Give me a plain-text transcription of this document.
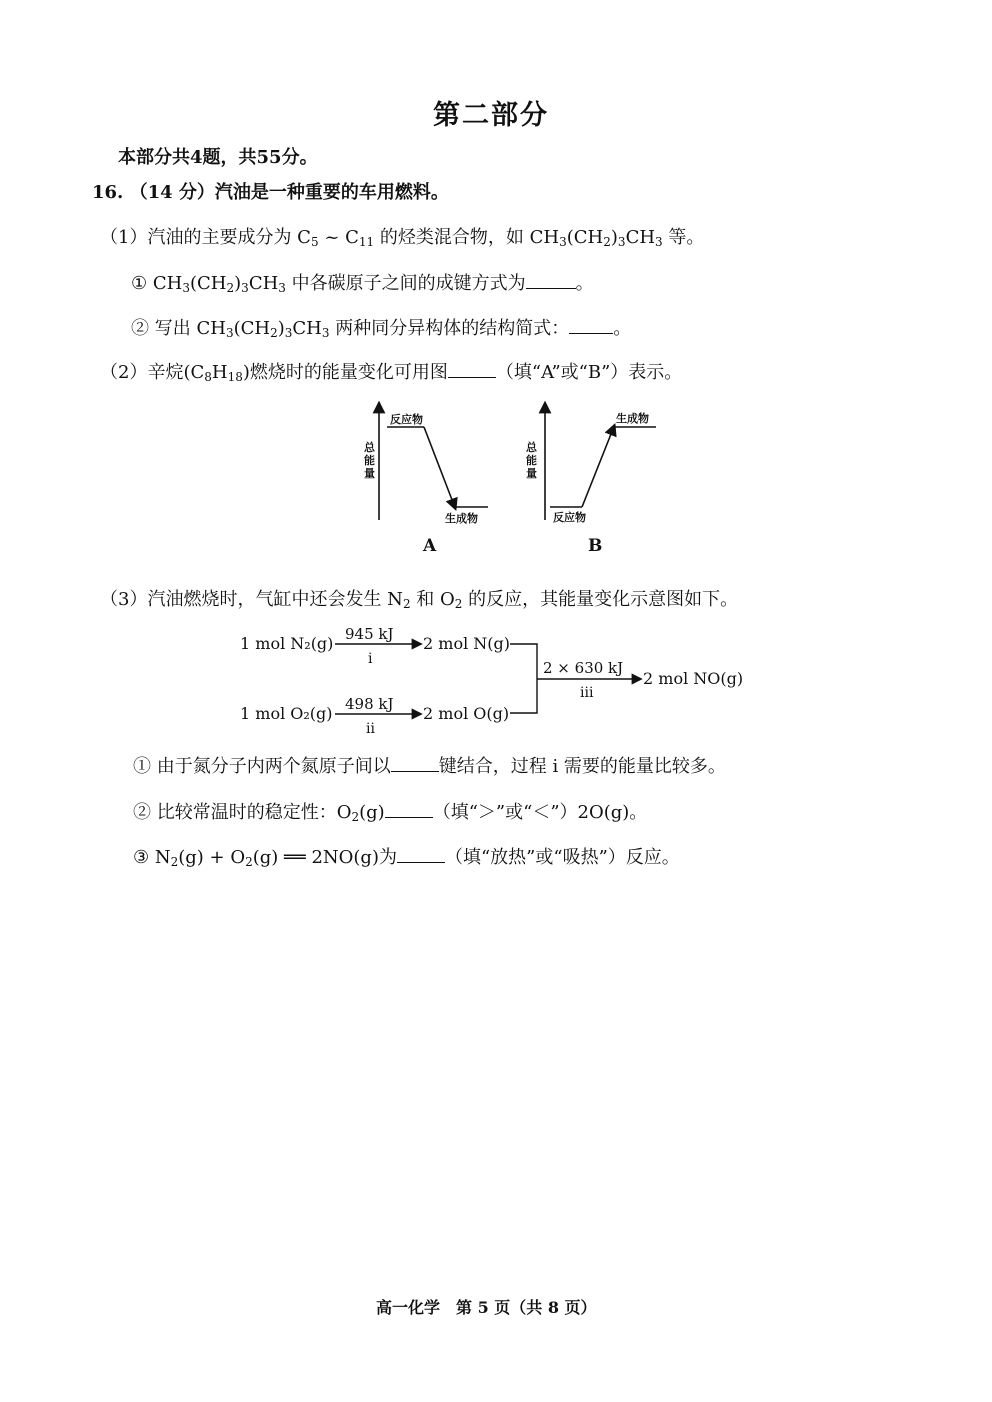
第二部分
本部分共4题，共55分。
16. （14 分）汽油是一种重要的车用燃料。
（1）汽油的主要成分为 $C_5$ ~ $C_{11}$ 的烃类混合物，如 $CH_3(CH_2)_3CH_3$ 等。
① $CH_3(CH_2)_3CH_3$ 中各碳原子之间的成键方式为	。
② 写出 $CH_3(CH_2)_3CH_3$ 两种同分异构体的结构简式： 。
（2）辛烷$(C_8H_{18})$燃烧时的能量变化可用图	（填“A”或“B”）表示。
总
能
量
反应物
生成物
A
总
能
量
生成物
反应物
B
（3）汽油燃烧时，气缸中还会发生 $N_2$ 和 $O_2$ 的反应，其能量变化示意图如下。
1 mol N₂(g) 945 kJ
i
2 mol N(g)
1 mol O₂(g) 498 kJ
ii
2 mol O(g)
2 × 630 kJ
iii
2 mol NO(g)
① 由于氮分子内两个氮原子间以	键结合，过程 i 需要的能量比较多。
② 比较常温时的稳定性：$O_2(g)$	（填“＞”或“＜”）2O(g)。
③ $N_2(g) + O_2(g)$ ══ 2NO(g)为	（填“放热”或“吸热”）反应。
高一化学　第 5 页（共 8 页）
